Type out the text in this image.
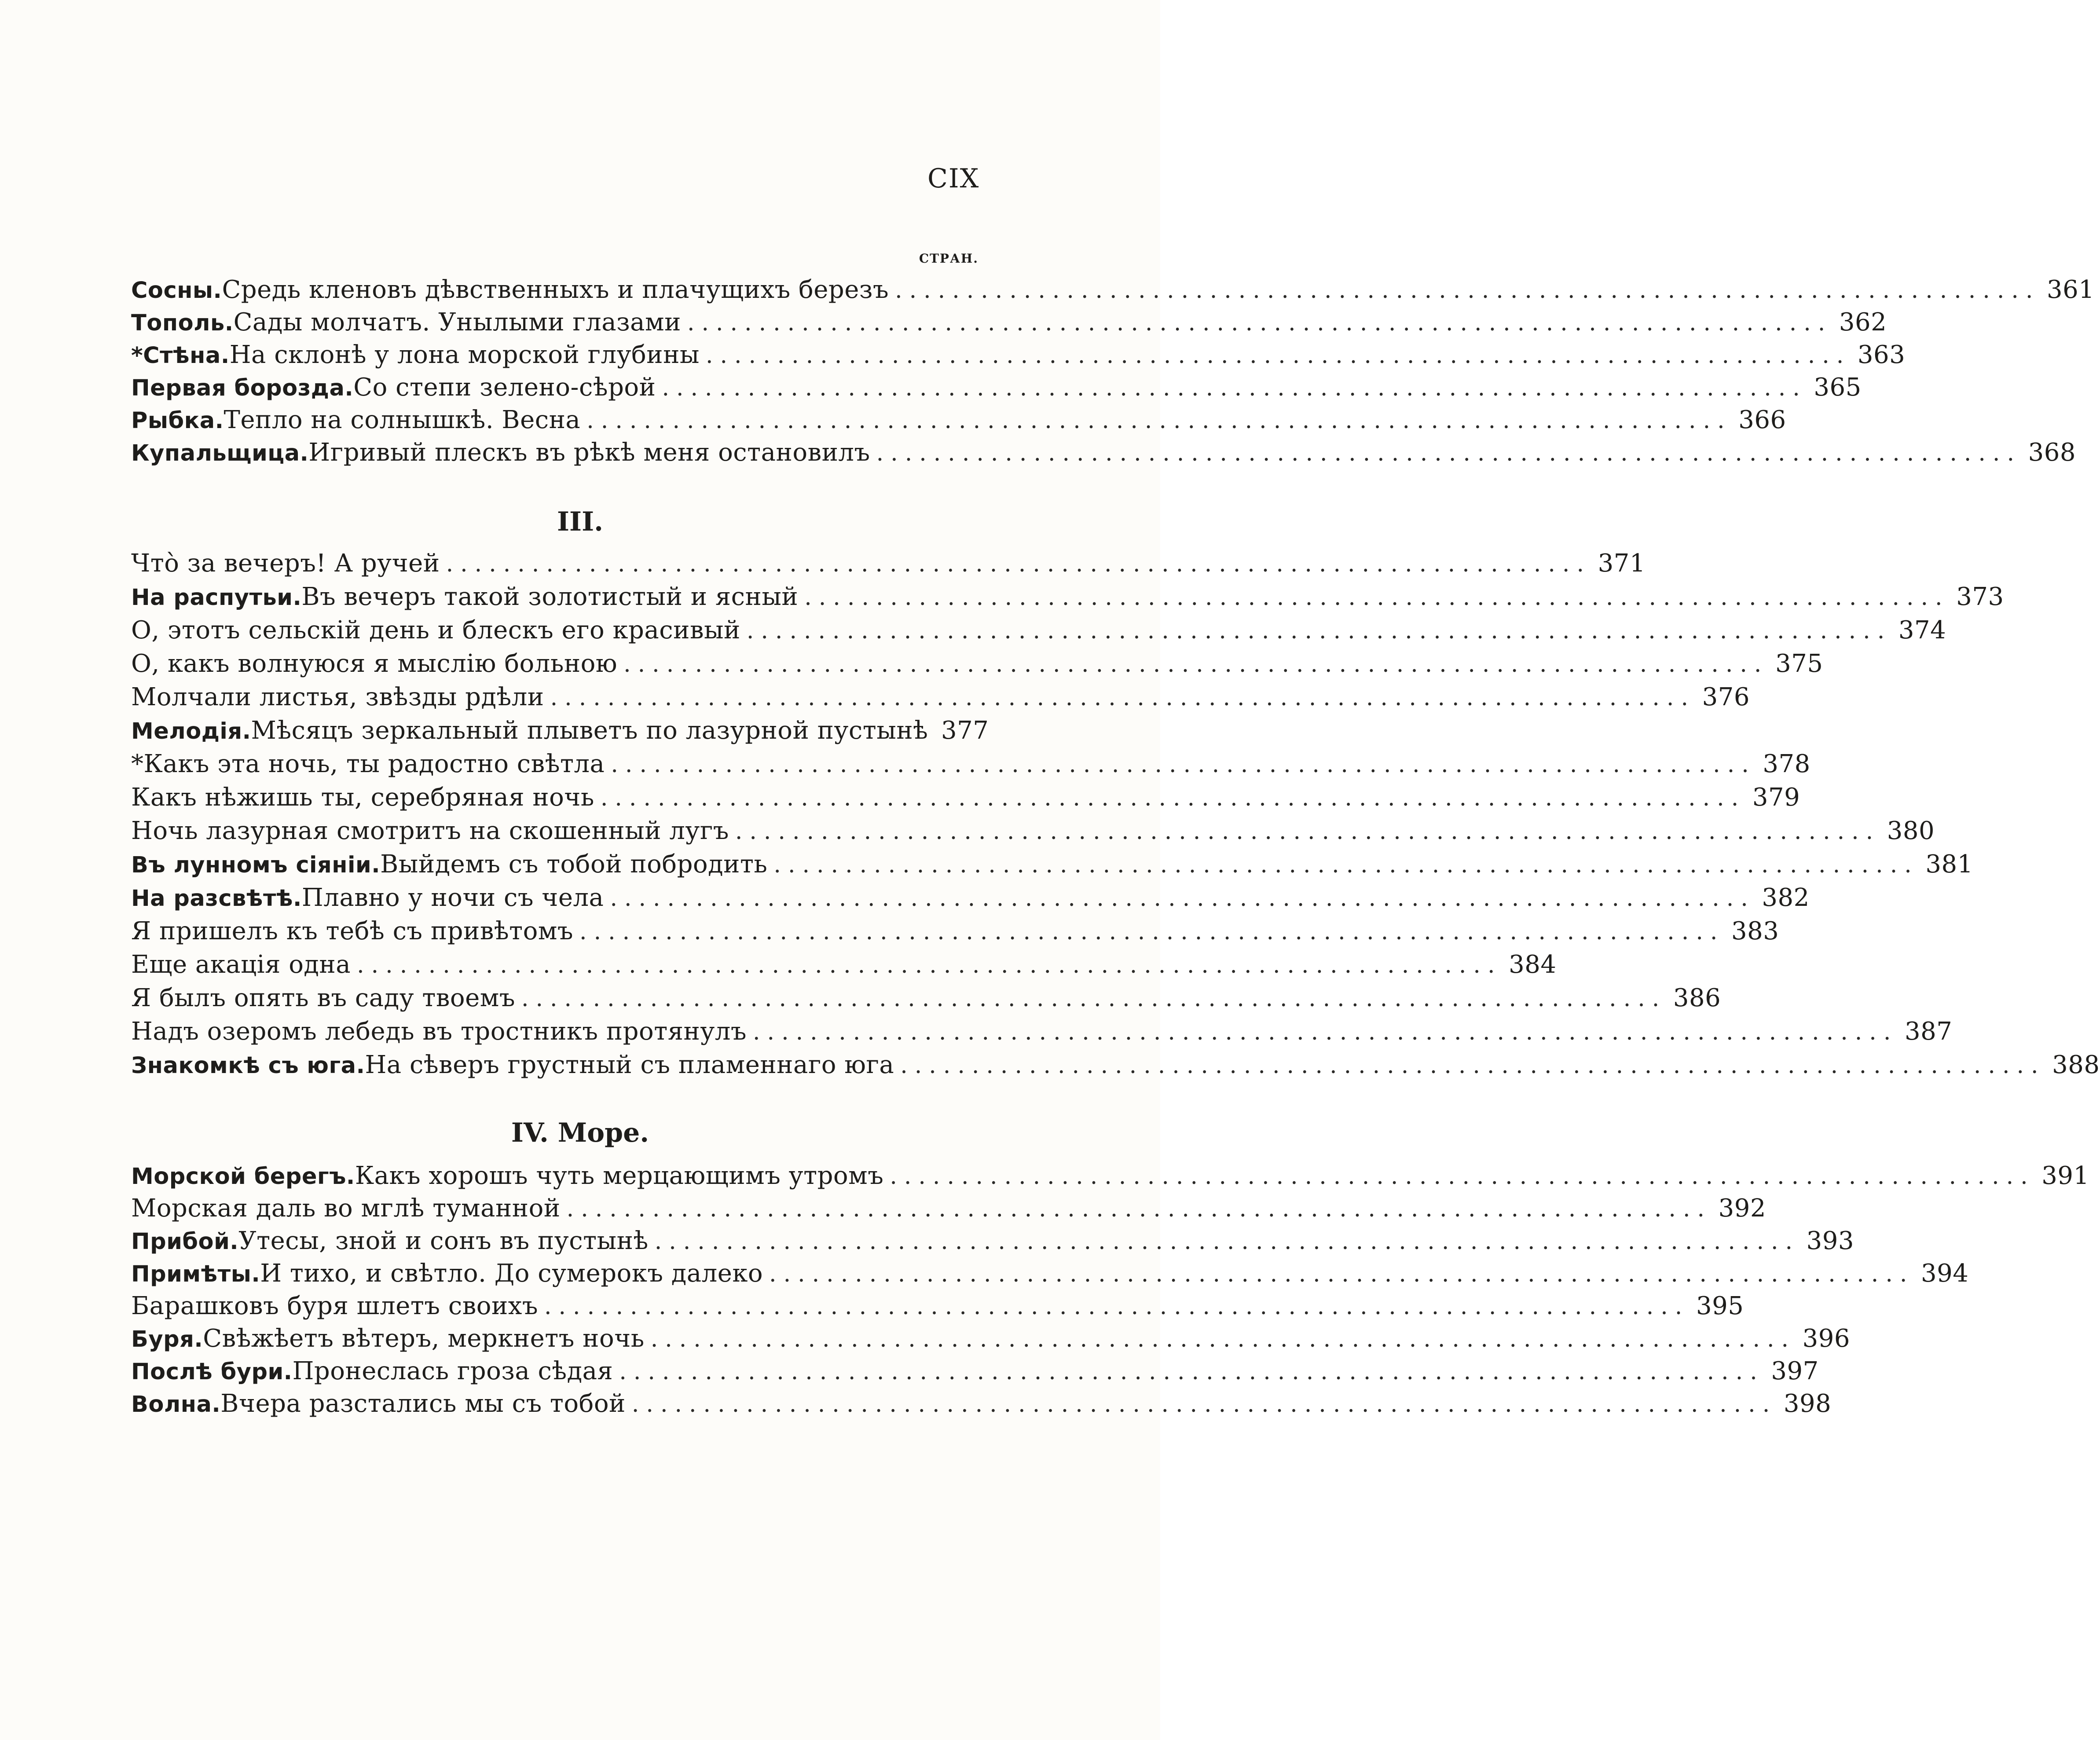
CIX
СТРАН.
Сосны. Средь кленовъ дѣвственныхъ и плачущихъ березъ ................................................................................ 361
Тополь. Сады молчатъ. Унылыми глазами ................................................................................ 362
*Стѣна. На склонѣ у лона морской глубины ................................................................................ 363
Первая борозда. Со степи зелено-сѣрой ................................................................................ 365
Рыбка. Тепло на солнышкѣ. Весна ................................................................................ 366
Купальщица. Игривый плескъ въ рѣкѣ меня остановилъ ................................................................................ 368
III.
Что̀ за вечеръ! А ручей ................................................................................ 371
На распутьи. Въ вечеръ такой золотистый и ясный ................................................................................ 373
О, этотъ сельскій день и блескъ его красивый ................................................................................ 374
О, какъ волнуюся я мыслію больною ................................................................................ 375
Молчали листья, звѣзды рдѣли ................................................................................ 376
Мелодія. Мѣсяцъ зеркальный плыветъ по лазурной пустынѣ 377
*Какъ эта ночь, ты радостно свѣтла ................................................................................ 378
Какъ нѣжишь ты, серебряная ночь ................................................................................ 379
Ночь лазурная смотритъ на скошенный лугъ ................................................................................ 380
Въ лунномъ сіяніи. Выйдемъ съ тобой побродить ................................................................................ 381
На разсвѣтѣ. Плавно у ночи съ чела ................................................................................ 382
Я пришелъ къ тебѣ съ привѣтомъ ................................................................................ 383
Еще акація одна ................................................................................ 384
Я былъ опять въ саду твоемъ ................................................................................ 386
Надъ озеромъ лебедь въ тростникъ протянулъ ................................................................................ 387
Знакомкѣ съ юга. На сѣверъ грустный съ пламеннаго юга ................................................................................ 388
IV. Море.
Морской берегъ. Какъ хорошъ чуть мерцающимъ утромъ ................................................................................ 391
Морская даль во мглѣ туманной ................................................................................ 392
Прибой. Утесы, зной и сонъ въ пустынѣ ................................................................................ 393
Примѣты. И тихо, и свѣтло. До сумерокъ далеко ................................................................................ 394
Барашковъ буря шлетъ своихъ ................................................................................ 395
Буря. Свѣжѣетъ вѣтеръ, меркнетъ ночь ................................................................................ 396
Послѣ бури. Пронеслась гроза сѣдая ................................................................................ 397
Волна. Вчера разстались мы съ тобой ................................................................................ 398
